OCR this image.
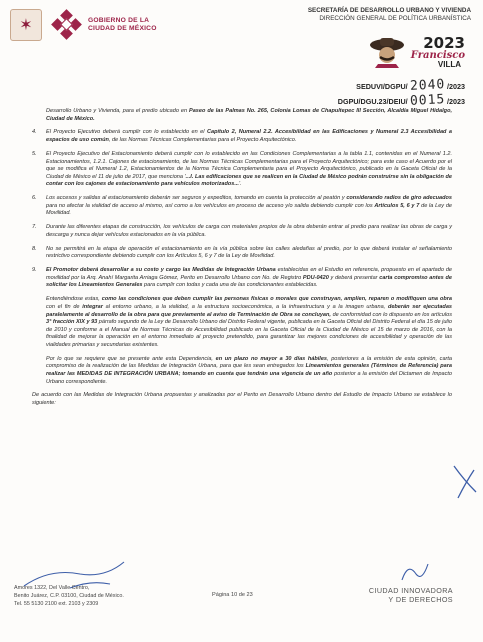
✶	GOBIERNO DE LA
CIUDAD DE MÉXICO
SECRETARÍA DE DESARROLLO URBANO Y VIVIENDA
DIRECCIÓN GENERAL DE POLÍTICA URBANÍSTICA
2023
Francisco
VILLA
SEDUVI/DGPU/ 2040 /2023
DGPU/DGU.23/DEIU/ 0015 /2023
Desarrollo Urbano y Vivienda, para el predio ubicado en Paseo de las Palmas No. 265, Colonia Lomas de Chapultepec III Sección, Alcaldía Miguel Hidalgo, Ciudad de México.
4.	El Proyecto Ejecutivo deberá cumplir con lo establecido en el Capítulo 2, Numeral 2.2. Accesibilidad en las Edificaciones y Numeral 2.3 Accesibilidad a espacios de uso común, de las Normas Técnicas Complementarias para el Proyecto Arquitectónico.
5.	El Proyecto Ejecutivo del Estacionamiento deberá cumplir con lo establecido en las Condiciones Complementarias a la tabla 1.1, contenidas en el Numeral 1.2. Estacionamientos, 1.2.1. Cajones de estacionamiento, de las Normas Técnicas Complementarias para el Proyecto Arquitectónico; para este caso el Acuerdo por el que se modifica el Numeral 1.2, Estacionamientos de la Norma Técnica Complementaria para el Proyecto Arquitectónico, publicado en la Gaceta Oficial de la Ciudad de México el 11 de julio de 2017, que menciona '...I. Las edificaciones que se realicen en la Ciudad de México podrán construirse sin la obligación de contar con los cajones de estacionamiento para vehículos motorizados...'.
6.	Los accesos y salidas al estacionamiento deberán ser seguros y expeditos, tomando en cuenta la protección al peatón y considerando radios de giro adecuados para no afectar la vialidad de acceso al mismo, así como a los vehículos en proceso de acceso y/o salida debiendo cumplir con los Artículos 5, 6 y 7 de la Ley de Movilidad.
7.	Durante las diferentes etapas de construcción, los vehículos de carga con materiales propios de la obra deberán entrar al predio para realizar las obras de carga y descarga y nunca dejar vehículos estacionados en la vía pública.
8.	No se permitirá en la etapa de operación el estacionamiento en la vía pública sobre las calles aledañas al predio, por lo que deberá instalar el señalamiento restrictivo correspondiente debiendo cumplir con los Artículos 5, 6 y 7 de la Ley de Movilidad.
9.	El Promotor deberá desarrollar a su costo y cargo las Medidas de Integración Urbana establecidas en el Estudio en referencia, propuesto en el apartado de movilidad por la Arq. Anahí Margarita Arriaga Gómez, Perito en Desarrollo Urbano con No. de Registro PDU-0420 y deberá presentar carta compromiso antes de solicitar los Lineamientos Generales para cumplir con todas y cada una de las condicionantes establecidas.
Entendiéndose estas, como las condiciones que deben cumplir las personas físicas o morales que construyan, amplíen, reparen o modifiquen una obra con el fin de integrar al entorno urbano, a la vialidad, a la estructura socioeconómica, a la infraestructura y a la imagen urbana, deberán ser ejecutadas paralelamente al desarrollo de la obra para que previamente al aviso de Terminación de Obra se concluyan, de conformidad con lo dispuesto en los artículos 3° fracción XIX y 93 párrafo segundo de la Ley de Desarrollo Urbano del Distrito Federal vigente, publicada en la Gaceta Oficial del Distrito Federal el día 15 de julio de 2010 y conforme a el Manual de Normas Técnicas de Accesibilidad publicado en la Gaceta Oficial de la Ciudad de México el 15 de marzo de 2016, con la finalidad de mejorar la operación en el entorno inmediato al proyecto pretendido, para garantizar las mejores condiciones de accesibilidad y operación de las vialidades primarias y secundarias existentes.
Por lo que se requiere que se presente ante esta Dependencia, en un plazo no mayor a 30 días hábiles, posteriores a la emisión de esta opinión, carta compromiso de la realización de las Medidas de Integración Urbana, para que les sean entregados los Lineamientos generales (Términos de Referencia) para realizar las MEDIDAS DE INTEGRACIÓN URBANA; tomando en cuenta que tendrán una vigencia de un año posterior a la emisión del Dictamen de Impacto Urbano correspondiente.
De acuerdo con las Medidas de Integración Urbana propuestas y analizadas por el Perito en Desarrollo Urbano dentro del Estudio de Impacto Urbano se establece lo siguiente:
Amores 1322, Del Valle Centro,
Benito Juárez, C.P. 03100, Ciudad de México.
Tel. 55 5130 2100 ext. 2103 y 2309
Página 10 de 23	CIUDAD INNOVADORA
Y DE DERECHOS
